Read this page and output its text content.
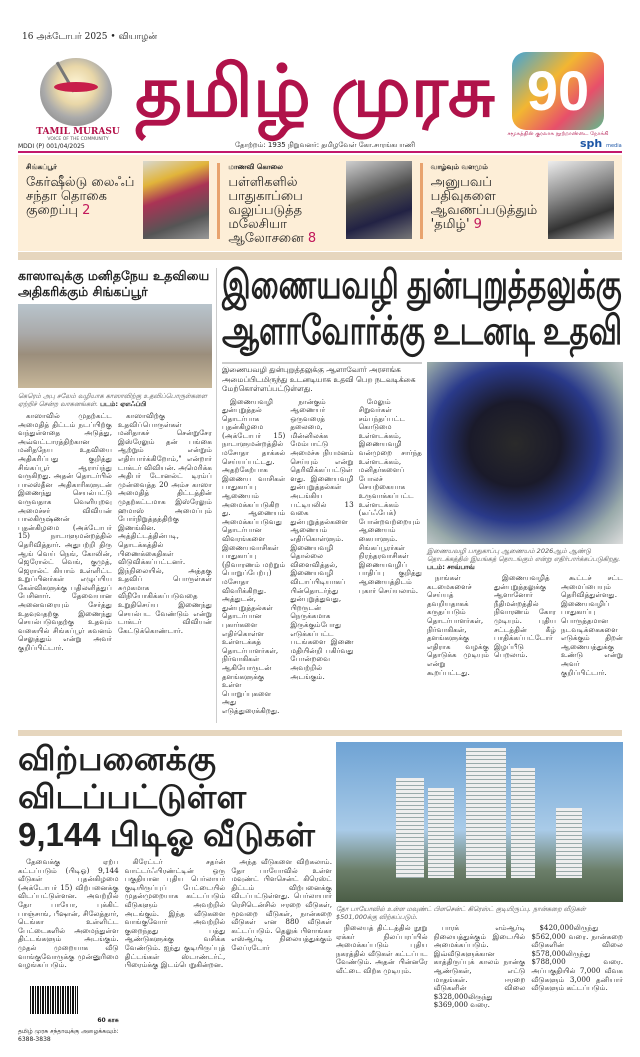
16 அக்டோபர் 2025 • வியாழன்
TAMIL MURASU
VOICE OF THE COMMUNITY
தமிழ் முரசு 90
சமூகத்தின் குரலாக நூற்றாண்டை நோக்கி
MDDI (P) 001/04/2025	தோற்றம்: 1935 நிறுவனர்: தமிழவேள் கோ.சாரங்கபாணி	sph media
சிங்கப்பூர்
கேர்ஷீல்டு லைஃப் சந்தா தொகை குறைப்பு 2
மாணவி கொலை
பள்ளிகளில் பாதுகாப்பை வலுப்படுத்த மலேசியா ஆலோசனை 8
வாழ்வும் வளமும்
அனுபவப் பதிவுகளை ஆவணப்படுத்தும் 'தமிழ்' 9
காஸாவுக்கு மனிதநேய உதவியை அதிகரிக்கும் சிங்கப்பூர்
கெரெம் அபு சலேம் வழியாக காஸாவிற்கு உதவிப்பொருள்களை ஏற்றிச் சென்ற வாகனங்கள். படம்: ஏஎஃப்பி

காஸாவில் முதற்கட்ட அமைதித் திட்டம் நடப்பிற்கு வந்துள்ளதை அடுத்து, அவ்வட்டாரத்திற்கான மனிதநேய உதவியை அதிகரிப்பது குறித்து சிங்கப்பூர் ஆராய்ந்து வருகிறது. அதன் தொடர்பில் பாலஸ்தீன அதிகாரிகளுடன் இணைந்து செயல்பட்டு வருவதாக வெளியுறவு அமைச்சர் விவியன் பாலகிருஷ்ணன் புதன்கிழமை (அக்டோபர் 15) நாடாளுமன்றத்தில் தெரிவித்தார். அதுபற்றி திரு ஆங் வெய் நெங், கோலின், ஜெரோல்ட் வெங், குமுத், ஜெரால்ட் கியாம் உள்ளிட்ட உறுப்பினர்கள் எழுப்பிய கேள்விகளுக்கு பதிலளித்துப் பேசினார். தேவையான அனைவரையும் சேர்த்து உதவுவதற்கு இணைந்து செயல்படுவதற்கு உதவும் வகையில் சிங்கப்பூர் கவனம் செலுத்தும் என்று அவர் குறிப்பிட்டார்.

காஸாவிற்கு உதவிப்பொருள்கள் மனிதாகச் சென்றுசேர இஸ்ரேலும் தன் பங்கை ஆற்றும் என்றும் எதிர்பார்க்கிறோம்," என்றார் டாக்டர் விவியன். அமெரிக்க அதிபர் டோனல்ட் டிரம்ப் முன்வைத்த 20 அம்ச காஸா அமைதித் திட்டத்தின் முதற்கட்டமாக இஸ்ரேலும் ஹமாஸ் அமைப்பும் போர்நிறுத்தத்திற்கு இணங்கின. அத்திட்டத்தின்படி, தொடக்கத்தில் பிணைக்கைதிகள் விடுவிக்கப்பட்டனர். இந்நிலையில், அத்தகு உதவிப் பொருள்கள் சுமுகமாக விநியோகிக்கப்படுவதை உறுதிசெய்ய இணைந்து செயல்பட வேண்டும் என்று டாக்டர் விவியன் கேட்டுக்கொண்டார்.

இணையவழி துன்புறுத்தலுக்கு
ஆளாவோர்க்கு உடனடி உதவி
இணையவழி துன்புறுத்தலுக்கு ஆளாவோர் அரசாங்க அமைப்பிடமிருந்து உடனடியாக உதவி பெற நடவடிக்கை மேற்கொள்ளப்பட்டுள்ளது.

இணையவழி துன்புறுத்தல் தொடர்பாக புதன்கிழமை (அக்டோபர் 15) நாடாளுமன்றத்தில் மசோதா தாக்கல் செய்யப்பட்டது. அதற்கேற்பாக இணைய வாசிகள் பாதுகாப்பு ஆணையம் அமைக்கப்படுகிறது. ஆணையம் அமைக்கப்படுவது தொடர்பான விவரங்களை இணையவாசிகள் பாதுகாப்பு (நிவாரணம் மற்றும் பொறுப்பேற்பு) மசோதா விவரிக்கிறது. அத்துடன், துன்புறுத்தல்கள் தொடர்பான புகார்களை எதிர்கொள்ள உள்ளடக்கத் தொடர்பாளர்கள், நிர்வாகிகள் ஆகியோருடன் தளங்களுக்கு உள்ள பொறுப்புகளை அது எடுத்துரைக்கிறது.

நான்கும் ஆணையர் ஒருவரைத் தலைமை, மின்னிலக்க மேம்பாட்டு அமைச்சு நியமனம் செய்யும் என்று தெரிவிக்கப்பட்டுள்ளது. இணையவழி துன்புறுத்தல்கள் அடங்கிய பட்டியலில் 13 வகை துன்புறுத்தல்களை ஆணையம் எதிர்கொள்ளும். இணையவழி தொல்லை விளைவித்தல், இணையவழி விடாப்பிடியாகப் பின்தொடர்ந்து துன்புறுத்துவது, பிறருடன் நெருக்கமாக இருக்கும்போது எடுக்கப்பட்ட படங்களை இணை மதியின்றி பகிர்வது போன்றவை அவற்றில் அடங்கும்.

மேலும் சிறுவர்கள் சம்பந்தப்பட்ட கொடுமை உள்ளடக்கம், இணையவழி வன்முறை சார்ந்த உள்ளடக்கம், மனிதர்களைப் போலச் செயற்கையாக உருவாக்கப்பட்ட உள்ளடக்கம் (டீப்ஃபேக்) போன்றவற்றையும் ஆணையம் கையாளும். சிங்கப்பூரர்கள் நிரந்தரவாசிகள் இணையவழிப் பாதிப்பு குறித்து ஆணையத்திடம் புகார் செய்யலாம்.

இணையவழி பாதுகாப்பு ஆணையம் 2026ஆம் ஆண்டு தொடக்கத்தில் இயங்கத் தொடங்கும் என்று எதிர்பார்க்கப்படுகிறது. படம்: சாவ்பாவ்

நாங்கள் கடமைகளைச் செய்யத் தவறியதாகக் கருதப்படும் தொடர்பாளர்கள், நிர்வாகிகள், தளங்களுக்கு எதிராக வழக்கு தொடுக்க முடியும் என்று கூறப்பட்டது.

இணையவழித் துன்புறுத்தலுக்கு ஆளானோர் நீதிமன்றத்தில் நிவாரணம் கோர முடியும். புதிய சட்டத்தின் கீழ் பாதிக்கப்பட்டோர் இழப்பீடு பெறலாம்.

கூட்டச் சட்ட அமைப்பையும் தெரிவித்துள்ளது. இணையவழிப் பாதுகாப்பு பொருத்தமான நடவடிக்கைகளை எடுக்கும் திறன் ஆணையத்துக்கு உண்டு என்று அவர் குறிப்பிட்டார்.

விற்பனைக்கு விடப்பட்டுள்ள 9,144 பிடிஓ வீடுகள்

தேவைக்கு ஏற்ப கட்டப்படும் (பிடிஓ) 9,144 வீடுகள் புதன்கிழமை (அக்டோபர் 15) விற்பனைக்கு விடப்பட்டுள்ளன. அவற்றில் தோ பாயோ, புக்கிட் பாஞ்சாங், பீஷான், சிலேத்தார், டெங்கா உள்ளிட்ட பேட்டைகளில் அமைந்துள்ள திட்டங்களும் அடங்கும். முதல் முறையாக வீடு வாங்குவோருக்கு முன்னுரிமை வழங்கப்படும்.

60 காசு
தமிழ் முரசு சந்தாவுக்கு அழைக்கவும்: 6388-3838

கிரேட்டர் சதர்ன் வாட்டர்ஃபிரண்ட்டின் ஒரு பகுதியான புதிய பெர்லாயர் குடியிருப்புப் பேட்டையில் முதன்முறையாக கட்டப்படும் வீடுகளும் அவற்றில் அடங்கும். இந்த வீடுகளை வாங்குவோர் அவற்றில் குறைந்தது பத்து ஆண்டுகளுக்கு வசிக்க வேண்டும். ஐந்து குடியிருப்புத் திட்டங்கள் ஸ்டாண்டர்ட், பிரைம்க்கு இடம்பெறுகின்றன.

அந்த வீடுகளை விற்கலாம். தோ பாயோவில் உள்ள மவுண்ட் பிளசென்ட் கிரெஸ்ட் திட்டம் விற்பனைக்கு விடப்பட்டுள்ளது. பெர்லாயார் ரெசிடென்சில் ஈரறை வீடுகள், மூவறை வீடுகள், நான்கறை வீடுகள் என 880 வீடுகள் கட்டப்படும். தெலுக் பிளாங்கா எஸ்ஆர்டி நிலையத்துக்கும் லேப்ரடோர்

தோ பாயோவில் உள்ள மவுண்ட் பிளசென்ட் கிரெஸ்ட் குடியிருப்பு. நான்கறை வீடுகள் $501,000க்கு விற்கப்படும்.

நிலையத் திட்டத்தில் நூறு ஏக்கர் நிலப்பரப்பில் அமைக்கப்படும் புதிய நகரத்தில் வீடுகள் கட்டப்பட வேண்டும். அதன் பின்னரே வீட்டை விற்க முடியும்.

பாரக் எம்ஆர்டி நிலையத்துக்கும் இடையில் அமைக்கப்படும். இவ்வீடுகளுக்கான காத்திருப்புக் காலம் நான்கு ஆண்டுகள், எட்டு மாதங்கள். ஈரறை வீடுகளின் விலை $328,000லிருந்து $369,000 வரை.

$420,000லிருந்து $562,000 வரை. நான்கறை வீடுகளின் விலை $578,000லிருந்து $788,000 வரை. அப்பகுதியில் 7,000 வீவக வீடுகளும் 3,000 தனியார் வீடுகளும் கட்டப்படும்.
